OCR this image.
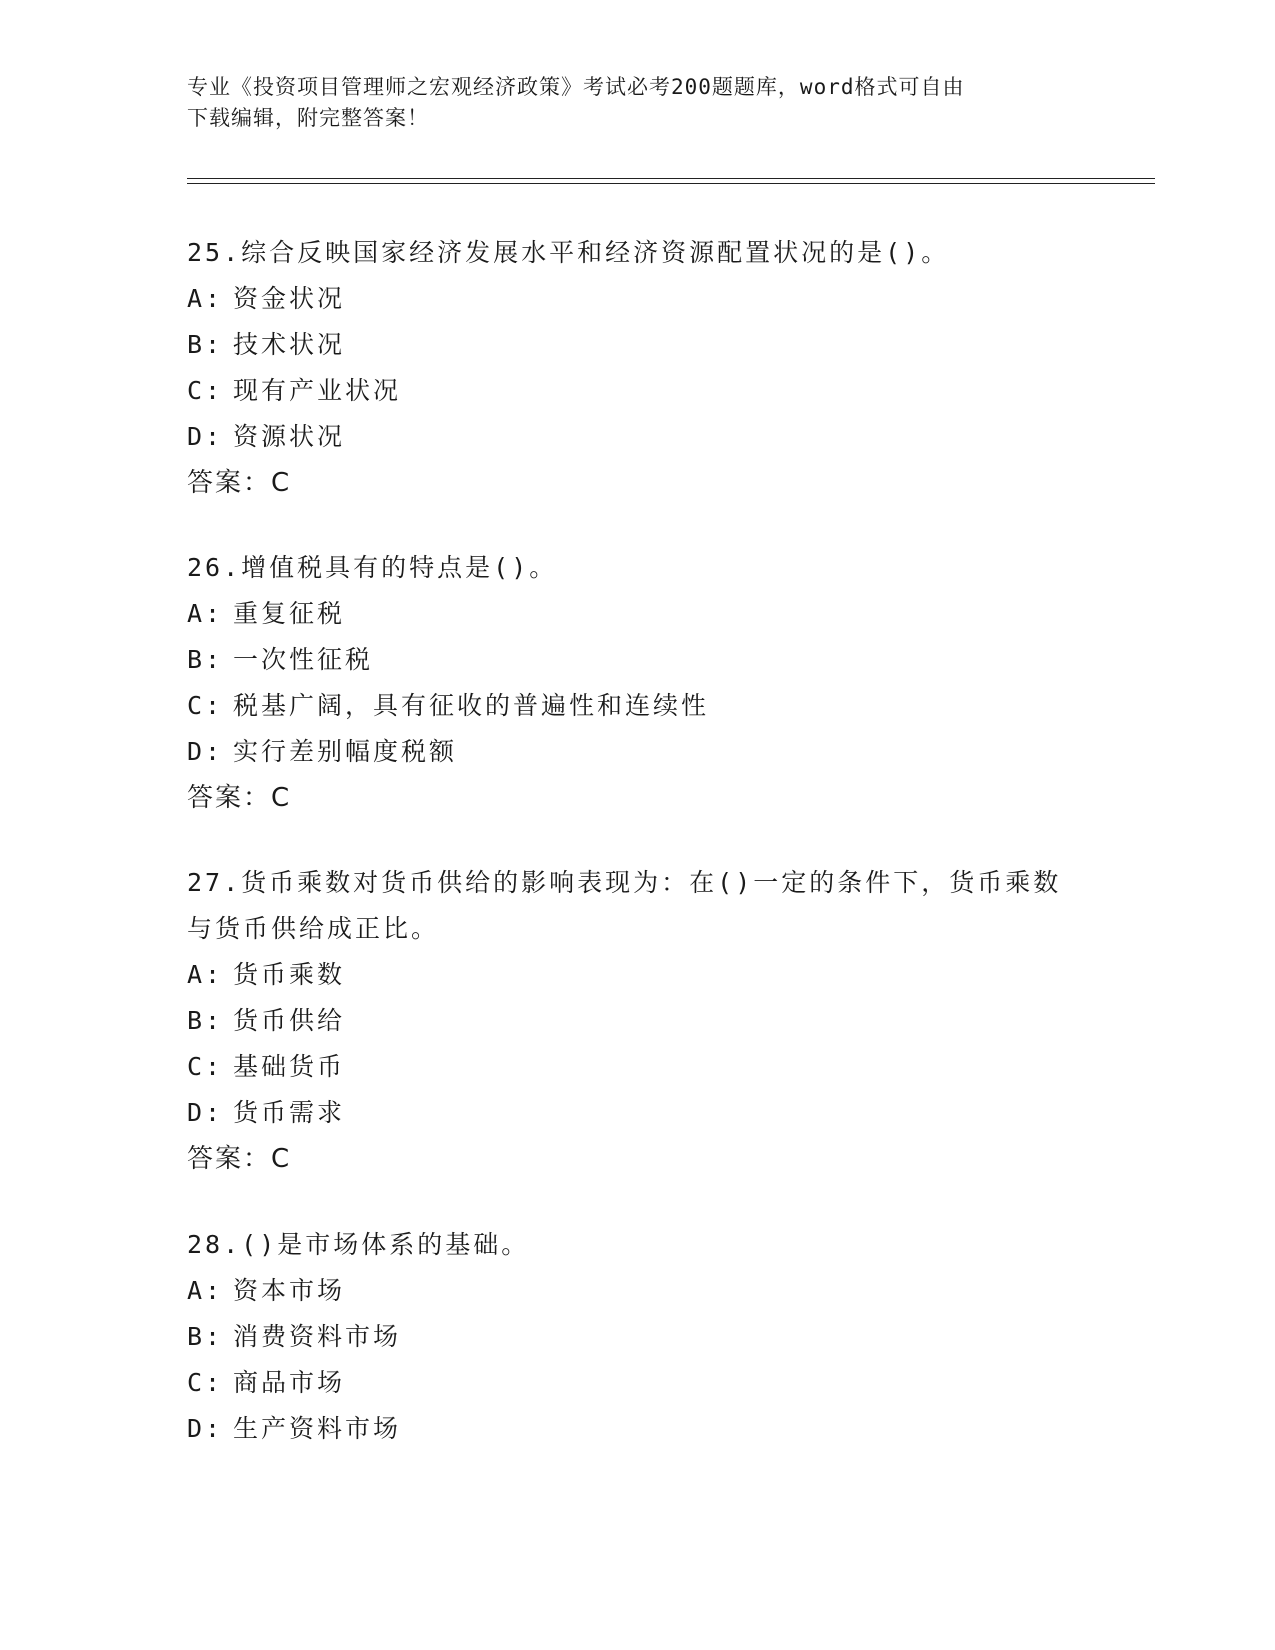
专业《投资项目管理师之宏观经济政策》考试必考200题题库，word格式可自由
下载编辑，附完整答案！

25.综合反映国家经济发展水平和经济资源配置状况的是()。

A: 资金状况
B: 技术状况
C: 现有产业状况
D: 资源状况

答案：C

26.增值税具有的特点是()。

A: 重复征税
B: 一次性征税
C: 税基广阔，具有征收的普遍性和连续性
D: 实行差别幅度税额

答案：C

27.货币乘数对货币供给的影响表现为：在()一定的条件下，货币乘数

与货币供给成正比。

A: 货币乘数
B: 货币供给
C: 基础货币
D: 货币需求

答案：C

28.()是市场体系的基础。

A: 资本市场
B: 消费资料市场
C: 商品市场
D: 生产资料市场
